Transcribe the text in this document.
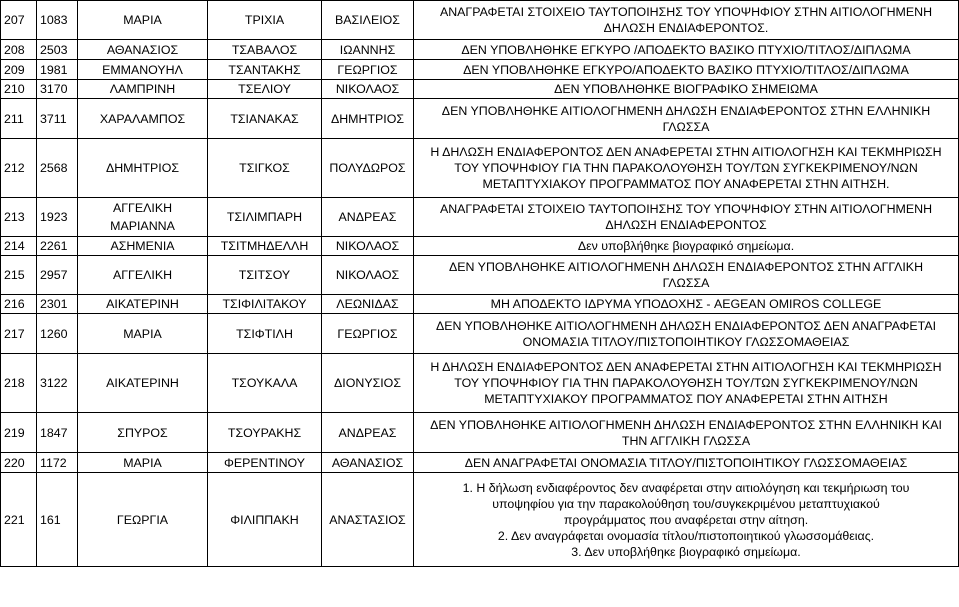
207	1083	ΜΑΡΙΑ	ΤΡΙΧΙΑ	ΒΑΣΙΛΕΙΟΣ	ΑΝΑΓΡΑΦΕΤΑΙ ΣΤΟΙΧΕΙΟ ΤΑΥΤΟΠΟΙΗΣΗΣ ΤΟΥ ΥΠΟΨΗΦΙΟΥ ΣΤΗΝ ΑΙΤΙΟΛΟΓΗΜΕΝΗ
ΔΗΛΩΣΗ ΕΝΔΙΑΦΕΡΟΝΤΟΣ.

208	2503	ΑΘΑΝΑΣΙΟΣ	ΤΣΑΒΑΛΟΣ	ΙΩΑΝΝΗΣ	ΔΕΝ ΥΠΟΒΛΗΘΗΚΕ ΕΓΚΥΡΟ /ΑΠΟΔΕΚΤΟ ΒΑΣΙΚΟ ΠΤΥΧΙΟ/ΤΙΤΛΟΣ/ΔΙΠΛΩΜΑ

209	1981	ΕΜΜΑΝΟΥΗΛ	ΤΣΑΝΤΑΚΗΣ	ΓΕΩΡΓΙΟΣ	ΔΕΝ ΥΠΟΒΛΗΘΗΚΕ ΕΓΚΥΡΟ/ΑΠΟΔΕΚΤΟ ΒΑΣΙΚΟ ΠΤΥΧΙΟ/ΤΙΤΛΟΣ/ΔΙΠΛΩΜΑ

210	3170	ΛΑΜΠΡΙΝΗ	ΤΣΕΛΙΟΥ	ΝΙΚΟΛΑΟΣ	ΔΕΝ ΥΠΟΒΛΗΘΗΚΕ ΒΙΟΓΡΑΦΙΚΟ ΣΗΜΕΙΩΜΑ

211	3711	ΧΑΡΑΛΑΜΠΟΣ	ΤΣΙΑΝΑΚΑΣ	ΔΗΜΗΤΡΙΟΣ	ΔΕΝ ΥΠΟΒΛΗΘΗΚΕ ΑΙΤΙΟΛΟΓΗΜΕΝΗ ΔΗΛΩΣΗ ΕΝΔΙΑΦΕΡΟΝΤΟΣ ΣΤΗΝ ΕΛΛΗΝΙΚΗ
ΓΛΩΣΣΑ

212	2568	ΔΗΜΗΤΡΙΟΣ	ΤΣΙΓΚΟΣ	ΠΟΛΥΔΩΡΟΣ	Η ΔΗΛΩΣΗ ΕΝΔΙΑΦΕΡΟΝΤΟΣ ΔΕΝ ΑΝΑΦΕΡΕΤΑΙ ΣΤΗΝ ΑΙΤΙΟΛΟΓΗΣΗ ΚΑΙ ΤΕΚΜΗΡΙΩΣΗ
ΤΟΥ ΥΠΟΨΗΦΙΟΥ ΓΙΑ ΤΗΝ ΠΑΡΑΚΟΛΟΥΘΗΣΗ ΤΟΥ/ΤΩΝ ΣΥΓΚΕΚΡΙΜΕΝΟΥ/ΝΩΝ
ΜΕΤΑΠΤΥΧΙΑΚΟΥ ΠΡΟΓΡΑΜΜΑΤΟΣ ΠΟΥ ΑΝΑΦΕΡΕΤΑΙ ΣΤΗΝ ΑΙΤΗΣΗ.

213	1923	ΑΓΓΕΛΙΚΗ ΜΑΡΙΑΝΝΑ	ΤΣΙΛΙΜΠΑΡΗ	ΑΝΔΡΕΑΣ	ΑΝΑΓΡΑΦΕΤΑΙ ΣΤΟΙΧΕΙΟ ΤΑΥΤΟΠΟΙΗΣΗΣ ΤΟΥ ΥΠΟΨΗΦΙΟΥ ΣΤΗΝ ΑΙΤΙΟΛΟΓΗΜΕΝΗ
ΔΗΛΩΣΗ ΕΝΔΙΑΦΕΡΟΝΤΟΣ

214	2261	ΑΣΗΜΕΝΙΑ	ΤΣΙΤΜΗΔΕΛΛΗ	ΝΙΚΟΛΑΟΣ	Δεν υποβλήθηκε βιογραφικό σημείωμα.

215	2957	ΑΓΓΕΛΙΚΗ	ΤΣΙΤΣΟΥ	ΝΙΚΟΛΑΟΣ	ΔΕΝ ΥΠΟΒΛΗΘΗΚΕ ΑΙΤΙΟΛΟΓΗΜΕΝΗ ΔΗΛΩΣΗ ΕΝΔΙΑΦΕΡΟΝΤΟΣ ΣΤΗΝ ΑΓΓΛΙΚΗ
ΓΛΩΣΣΑ

216	2301	ΑΙΚΑΤΕΡΙΝΗ	ΤΣΙΦΙΛΙΤΑΚΟΥ	ΛΕΩΝΙΔΑΣ	ΜΗ ΑΠΟΔΕΚΤΟ ΙΔΡΥΜΑ ΥΠΟΔΟΧΗΣ - AEGEAN OMIROS COLLEGE

217	1260	ΜΑΡΙΑ	ΤΣΙΦΤΙΛΗ	ΓΕΩΡΓΙΟΣ	ΔΕΝ ΥΠΟΒΛΗΘΗΚΕ ΑΙΤΙΟΛΟΓΗΜΕΝΗ ΔΗΛΩΣΗ ΕΝΔΙΑΦΕΡΟΝΤΟΣ ΔΕΝ ΑΝΑΓΡΑΦΕΤΑΙ
ΟΝΟΜΑΣΙΑ ΤΙΤΛΟΥ/ΠΙΣΤΟΠΟΙΗΤΙΚΟΥ ΓΛΩΣΣΟΜΑΘΕΙΑΣ

218	3122	ΑΙΚΑΤΕΡΙΝΗ	ΤΣΟΥΚΑΛΑ	ΔΙΟΝΥΣΙΟΣ	Η ΔΗΛΩΣΗ ΕΝΔΙΑΦΕΡΟΝΤΟΣ ΔΕΝ ΑΝΑΦΕΡΕΤΑΙ ΣΤΗΝ ΑΙΤΙΟΛΟΓΗΣΗ ΚΑΙ ΤΕΚΜΗΡΙΩΣΗ
ΤΟΥ ΥΠΟΨΗΦΙΟΥ ΓΙΑ ΤΗΝ ΠΑΡΑΚΟΛΟΥΘΗΣΗ ΤΟΥ/ΤΩΝ ΣΥΓΚΕΚΡΙΜΕΝΟΥ/ΝΩΝ
ΜΕΤΑΠΤΥΧΙΑΚΟΥ ΠΡΟΓΡΑΜΜΑΤΟΣ ΠΟΥ ΑΝΑΦΕΡΕΤΑΙ ΣΤΗΝ ΑΙΤΗΣΗ

219	1847	ΣΠΥΡΟΣ	ΤΣΟΥΡΑΚΗΣ	ΑΝΔΡΕΑΣ	ΔΕΝ ΥΠΟΒΛΗΘΗΚΕ ΑΙΤΙΟΛΟΓΗΜΕΝΗ ΔΗΛΩΣΗ ΕΝΔΙΑΦΕΡΟΝΤΟΣ ΣΤΗΝ ΕΛΛΗΝΙΚΗ ΚΑΙ
ΤΗΝ ΑΓΓΛΙΚΗ ΓΛΩΣΣΑ

220	1172	ΜΑΡΙΑ	ΦΕΡΕΝΤΙΝΟΥ	ΑΘΑΝΑΣΙΟΣ	ΔΕΝ ΑΝΑΓΡΑΦΕΤΑΙ ΟΝΟΜΑΣΙΑ ΤΙΤΛΟΥ/ΠΙΣΤΟΠΟΙΗΤΙΚΟΥ ΓΛΩΣΣΟΜΑΘΕΙΑΣ

221	161	ΓΕΩΡΓΙΑ	ΦΙΛΙΠΠΑΚΗ	ΑΝΑΣΤΑΣΙΟΣ	1. Η δήλωση ενδιαφέροντος δεν αναφέρεται στην αιτιολόγηση και τεκμήριωση του
υποψηφίου για την παρακολούθηση του/συγκεκριμένου μεταπτυχιακού
προγράμματος που αναφέρεται στην αίτηση.
2. Δεν αναγράφεται ονομασία τίτλου/πιστοποιητικού γλωσσομάθειας.
3. Δεν υποβλήθηκε βιογραφικό σημείωμα.
